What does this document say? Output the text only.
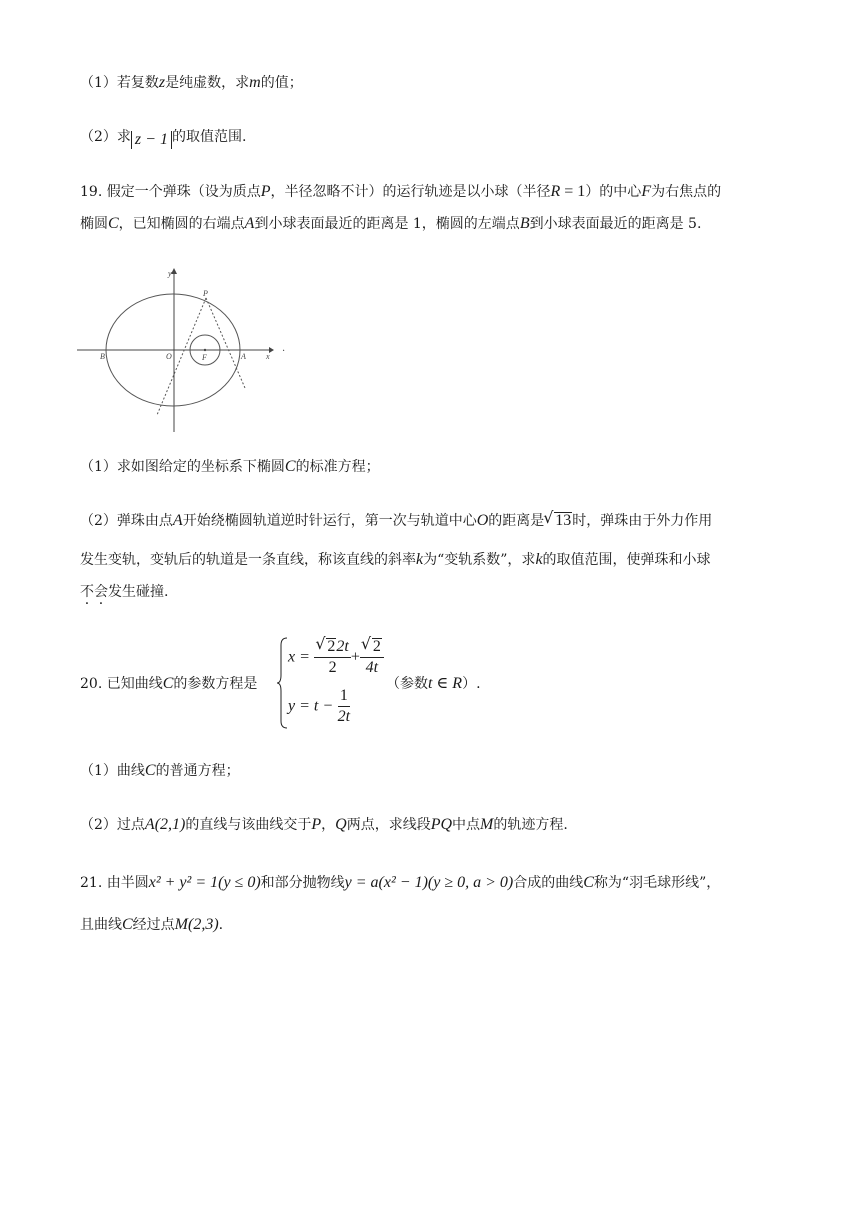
（1）若复数z是纯虚数，求m的值；
（2）求 z − 1 的取值范围.
19. 假定一个弹珠（设为质点P，半径忽略不计）的运行轨迹是以小球（半径R = 1）的中心F为右焦点的
椭圆C，已知椭圆的右端点A到小球表面最近的距离是 1，椭圆的左端点B到小球表面最近的距离是 5.
y
x
P
B	O	F	A
.
（1）求如图给定的坐标系下椭圆C的标准方程；
（2）弹珠由点A开始绕椭圆轨道逆时针运行，第一次与轨道中心O的距离是 √ 13时，弹珠由于外力作用
发生变轨，变轨后的轨道是一条直线，称该直线的斜率k为“变轨系数”，求k的取值范围，使弹珠和小球
不会发生碰撞.
20. 已知曲线C的参数方程是
x = √ $\frac{22t}{2}$ + √ $\frac{2}{4t}$
$y = t - \frac{1}{2t}$
（参数t ∈ R）.
（1）曲线C的普通方程；
（2）过点A(2,1)的直线与该曲线交于P，Q两点，求线段PQ中点M的轨迹方程.
21. 由半圆x² + y² = 1(y ≤ 0)和部分抛物线y = a(x² − 1)(y ≥ 0, a > 0)合成的曲线C称为“羽毛球形线”，
且曲线C经过点M(2,3).
